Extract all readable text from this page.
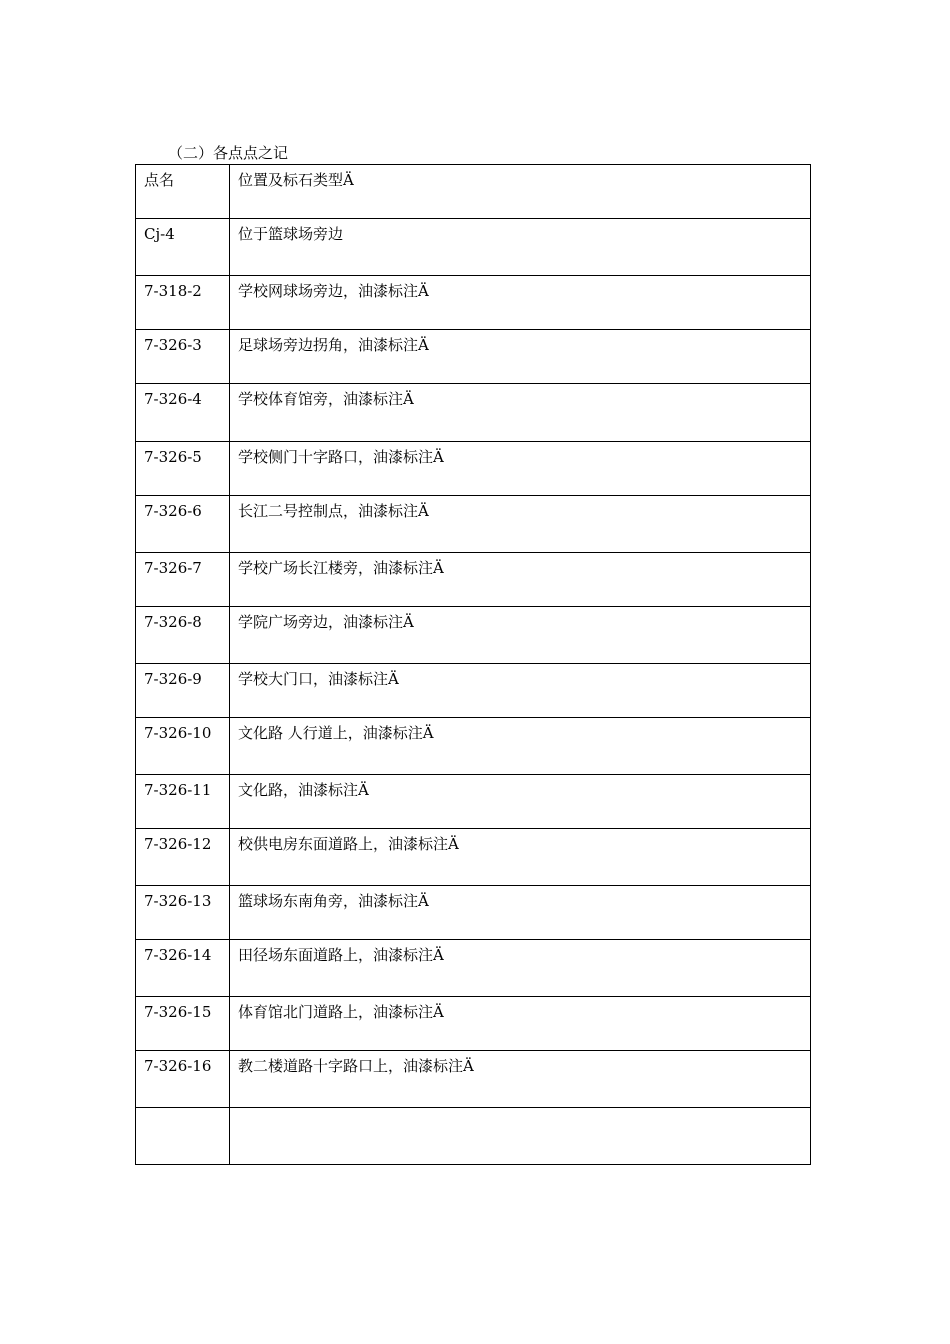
（二）各点点之记
点名	位置及标石类型Ä
Cj-4	位于篮球场旁边
7-318-2	学校网球场旁边，油漆标注Ä
7-326-3	足球场旁边拐角，油漆标注Ä
7-326-4	学校体育馆旁，油漆标注Ä
7-326-5	学校侧门十字路口，油漆标注Ä
7-326-6	长江二号控制点，油漆标注Ä
7-326-7	学校广场长江楼旁，油漆标注Ä
7-326-8	学院广场旁边，油漆标注Ä
7-326-9	学校大门口，油漆标注Ä
7-326-10	文化路 人行道上，油漆标注Ä
7-326-11	文化路，油漆标注Ä
7-326-12	校供电房东面道路上，油漆标注Ä
7-326-13	篮球场东南角旁，油漆标注Ä
7-326-14	田径场东面道路上，油漆标注Ä
7-326-15	体育馆北门道路上，油漆标注Ä
7-326-16	教二楼道路十字路口上，油漆标注Ä
